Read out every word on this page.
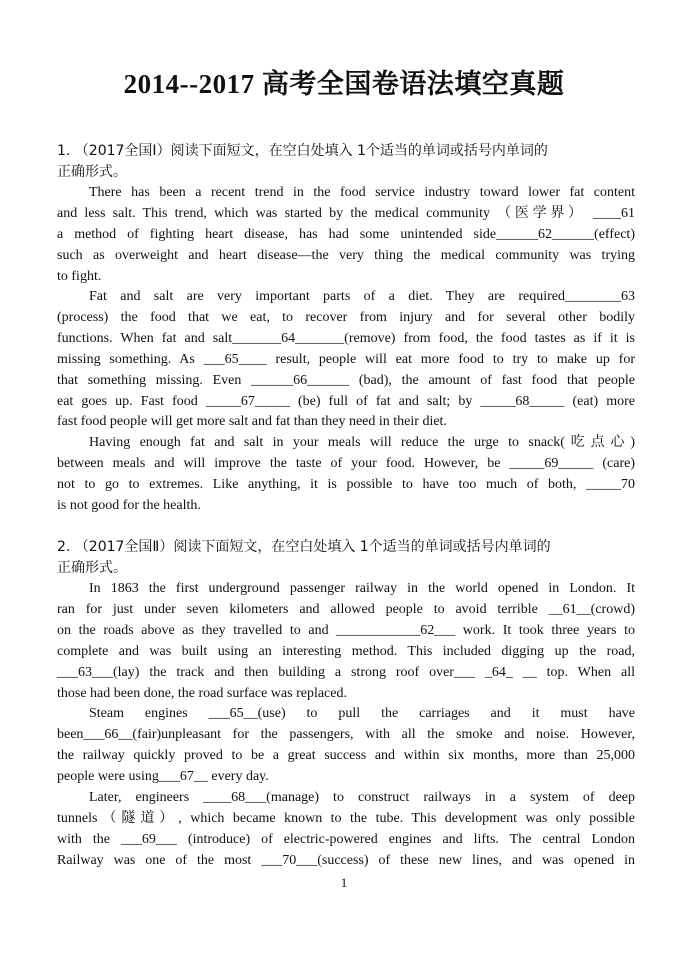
2014--2017 高考全国卷语法填空真题
1. （2017全国Ⅰ）阅读下面短文，在空白处填入 1个适当的单词或括号内单词的
正确形式。
There has been a recent trend in the food service industry toward lower fat content
and less salt. This trend, which was started by the medical community （医学界） ____61
a method of fighting heart disease, has had some unintended side______62______(effect)
such as overweight and heart disease—the very thing the medical community was trying
to fight.
Fat and salt are very important parts of a diet. They are required________63
(process) the food that we eat, to recover from injury and for several other bodily
functions. When fat and salt_______64_______(remove) from food, the food tastes as if it is
missing something. As ___65____ result, people will eat more food to try to make up for
that something missing. Even ______66______ (bad), the amount of fast food that people
eat goes up. Fast food _____67_____ (be) full of fat and salt; by _____68_____ (eat) more
fast food people will get more salt and fat than they need in their diet.
Having enough fat and salt in your meals will reduce the urge to snack(吃点心)
between meals and will improve the taste of your food. However, be _____69_____ (care)
not to go to extremes. Like anything, it is possible to have too much of both, _____70
is not good for the health.
2. （2017全国Ⅱ）阅读下面短文，在空白处填入 1个适当的单词或括号内单词的
正确形式。
In 1863 the first underground passenger railway in the world opened in London. It
ran for just under seven kilometers and allowed people to avoid terrible __61__(crowd)
on the roads above as they travelled to and ____________62___ work. It took three years to
complete and was built using an interesting method. This included digging up the road,
___63___(lay) the track and then building a strong roof over___ _64_ __ top. When all
those had been done, the road surface was replaced.
Steam engines ___65__(use) to pull the carriages and it must have
been___66__(fair)unpleasant for the passengers, with all the smoke and noise. However,
the railway quickly proved to be a great success and within six months, more than 25,000
people were using___67__ every day.
Later, engineers ____68___(manage) to construct railways in a system of deep
tunnels（隧道）, which became known to the tube. This development was only possible
with the ___69___ (introduce) of electric-powered engines and lifts. The central London
Railway was one of the most ___70___(success) of these new lines, and was opened in
1
